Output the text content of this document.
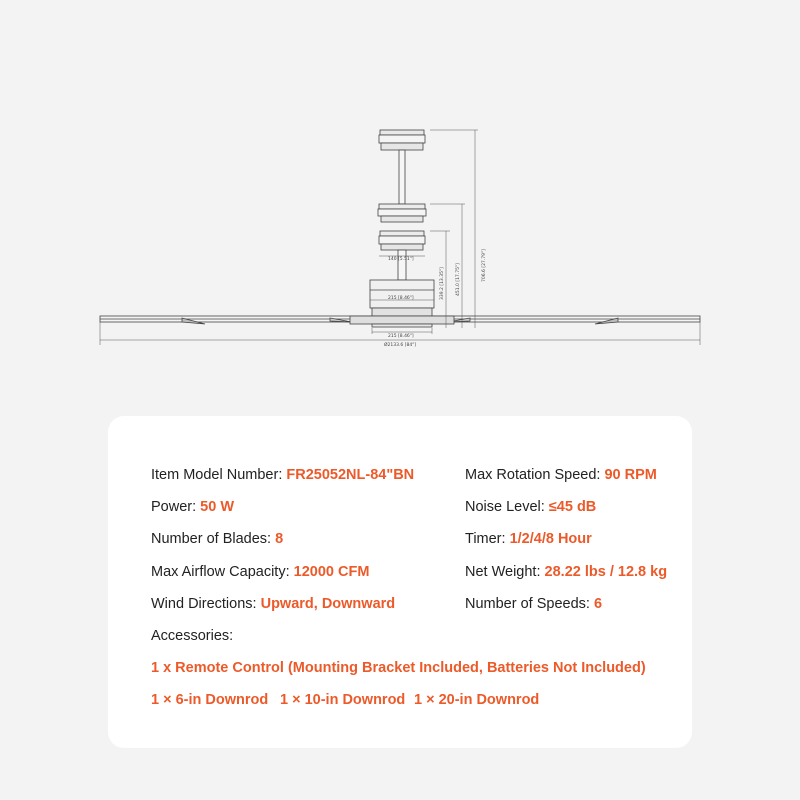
706.6 [27.79"]
451.0 [17.75"]
339.2 [13.35"]
140 [5.51"]
215 [8.46"]
215 [8.46"]
Ø2133.6 [84"]
Item Model Number: FR25052NL-84"BN
Power: 50 W
Number of Blades: 8
Max Airflow Capacity: 12000 CFM
Wind Directions: Upward, Downward
Max Rotation Speed: 90 RPM
Noise Level: ≤45 dB
Timer: 1/2/4/8 Hour
Net Weight: 28.22 lbs / 12.8 kg
Number of Speeds: 6
Accessories:
1 x Remote Control (Mounting Bracket Included, Batteries Not Included)
1 × 6-in Downrod 1 × 10-in Downrod 1 × 20-in Downrod
